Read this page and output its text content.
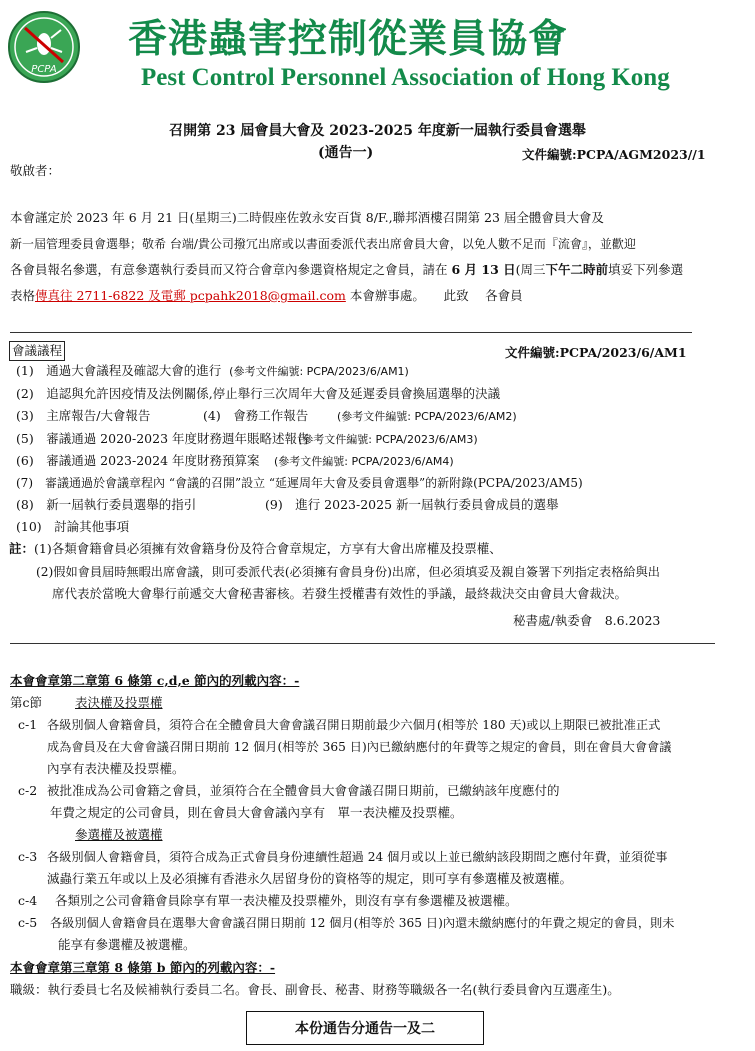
PCPA
香港蟲害控制從業員協會
Pest Control Personnel Association of Hong Kong
召開第 23 屆會員大會及 2023-2025 年度新一屆執行委員會選舉
(通告一)	文件編號:PCPA/AGM2023//1
敬啟者：
本會謹定於 2023 年 6 月 21 日(星期三)二時假座佐敦永安百貨 8/F.,聯邦酒樓召開第 23 屆全體會員大會及
新一屆管理委員會選舉；敬希 台端/貴公司撥冗出席或以書面委派代表出席會員大會，以免人數不足而『流會』，並歡迎
各會員報名參選，有意參選執行委員而又符合會章內參選資格規定之會員，請在 6 月 13 日(周三下午二時前填妥下列參選
表格傳真往 2711-6822 及電郵 pcpahk2018@gmail.com 本會辦事處。　　 此致　 各會員
會議議程	文件編號:PCPA/2023/6/AM1
(1)　通過大會議程及確認大會的進行 (參考文件編號: PCPA/2023/6/AM1)
(2)　追認與允許因疫情及法例關係,停止舉行三次周年大會及延遲委員會換屆選舉的決議
(3)　主席報告/大會報告	(4)　會務工作報告	(參考文件編號: PCPA/2023/6/AM2)
(5)　審議通過 2020-2023 年度財務週年賬略述報告
(參考文件編號: PCPA/2023/6/AM3)
(6)　審議通過 2023-2024 年度財務預算案 (參考文件編號: PCPA/2023/6/AM4)
(7)　審議通過於會議章程內 “會議的召開”設立 “延遲周年大會及委員會選舉”的新附錄(PCPA/2023/AM5)
(8)　新一屆執行委員選舉的指引	(9)　進行 2023-2025 新一屆執行委員會成員的選舉
(10)　討論其他事項
註：(1)各類會籍會員必須擁有效會籍身份及符合會章規定，方享有大會出席權及投票權、
(2)假如會員屆時無暇出席會議，則可委派代表(必須擁有會員身份)出席，但必須填妥及親自簽署下列指定表格給與出
席代表於當晚大會舉行前遞交大會秘書審核。若發生授權書有效性的爭議，最終裁決交由會員大會裁決。
秘書處/執委會　8.6.2023
本會會章第二章第 6 條第 c,d,e 節內的列載內容：-
第c節	表決權及投票權
c-1 各級別個人會籍會員，須符合在全體會員大會會議召開日期前最少六個月(相等於 180 天)或以上期限已被批准正式
成為會員及在大會會議召開日期前 12 個月(相等於 365 日)內已繳納應付的年費等之規定的會員，則在會員大會會議
內享有表決權及投票權。
c-2 被批准成為公司會籍之會員，並須符合在全體會員大會會議召開日期前，已繳納該年度應付的
年費之規定的公司會員，則在會員大會會議內享有　單一表決權及投票權。
參選權及被選權
c-3 各級別個人會籍會員，須符合成為正式會員身份連續性超過 24 個月或以上並已繳納該段期間之應付年費，並須從事
滅蟲行業五年或以上及必須擁有香港永久居留身份的資格等的規定，則可享有參選權及被選權。
c-4 各類別之公司會籍會員除享有單一表決權及投票權外，則沒有享有參選權及被選權。
c-5 各級別個人會籍會員在選舉大會會議召開日期前 12 個月(相等於 365 日)內還未繳納應付的年費之規定的會員，則未
能享有參選權及被選權。
本會會章第三章第 8 條第 b 節內的列載內容：-
職級：執行委員七名及候補執行委員二名。會長、副會長、秘書、財務等職級各一名(執行委員會內互選產生)。
本份通告分通告一及二
